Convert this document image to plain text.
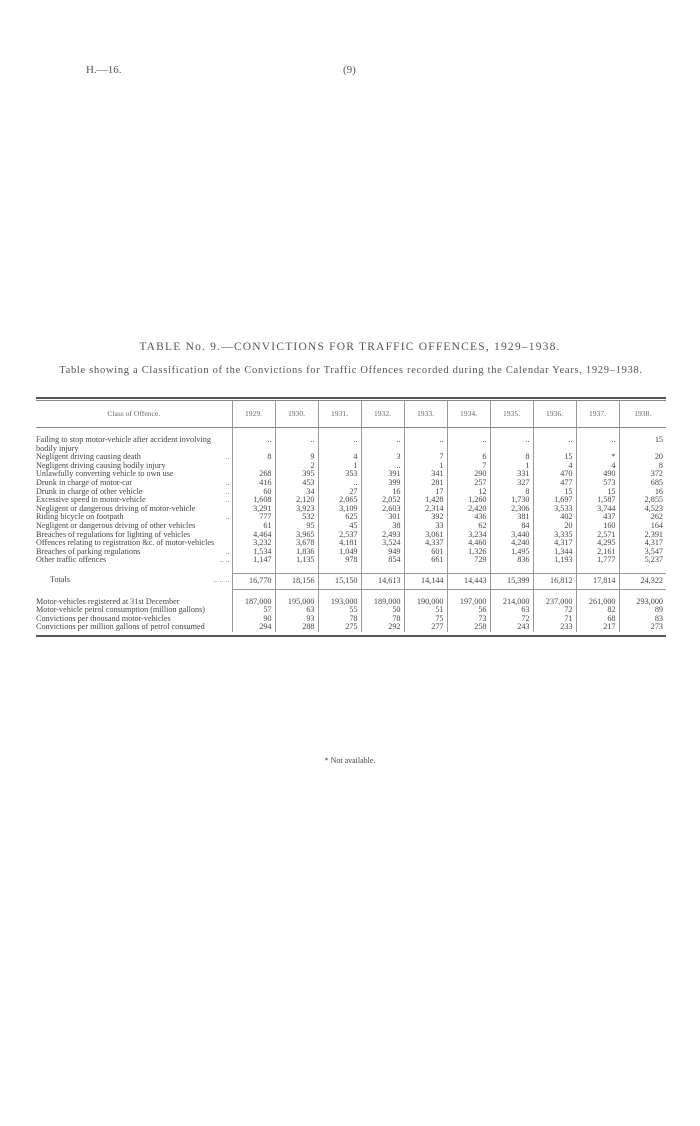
H.—16.	(9)
TABLE No. 9.—CONVICTIONS FOR TRAFFIC OFFENCES, 1929–1938.
Table showing a Classification of the Convictions for Traffic Offences recorded during the Calendar Years, 1929–1938.
Class of Offence.	1929.	1930.	1931.	1932.	1933.	1934.	1935.	1936.	1937.	1938.

Failing to stop motor-vehicle after accident involving bodily injury	..	..	..	..	..	..	..	..	..	15
Negligent driving causing death ..	8	9	4	3	7	6	8	15	*	20
Negligent driving causing bodily injury		2	1	..	1	7	1	4	4	8
Unlawfully converting vehicle to own use	268	395	353	391	341	290	331	470	490	372
Drunk in charge of motor-car ..	416	453	..	399	281	257	327	477	573	685
Drunk in charge of other vehicle ..	60	34	27	16	17	12	8	15	15	16
Excessive speed in motor-vehicle ..	1,608	2,120	2,065	2,052	1,428	1,260	1,730	1,697	1,587	2,855
Negligent or dangerous driving of motor-vehicle	3,291	3,923	3,109	2,603	2,314	2,420	2,306	3,533	3,744	4,523
Riding bicycle on footpath ..	777	532	625	301	392	436	381	402	437	262
Negligent or dangerous driving of other vehicles	61	95	45	38	33	62	84	20	160	164
Breaches of regulations for lighting of vehicles	4,464	3,965	2,537	2,493	3,061	3,234	3,440	3,335	2,571	2,391
Offences relating to registration &c. of motor-vehicles	3,232	3,678	4,181	3,524	4,337	4,460	4,240	4,317	4,295	4,317
Breaches of parking regulations ..	1,534	1,836	1,049	949	601	1,326	1,495	1,344	2,161	3,547
Other traffic offences .. ..	1,147	1,135	978	854	661	729	836	1,193	1,777	5,237

Totals .. .. ..	16,770	18,156	15,150	14,613	14,144	14,443	15,399	16,812	17,814	24,322

Motor-vehicles registered at 31st December	187,000	195,000	193,000	189,000	190,000	197,000	214,000	237,000	261,000	293,000
Motor-vehicle petrol consumption (million gallons)	57	63	55	50	51	56	63	72	82	89
Convictions per thousand motor-vehicles	90	93	78	78	75	73	72	71	68	83
Convictions per million gallons of petrol consumed	294	288	275	292	277	258	243	233	217	273
* Not available.
